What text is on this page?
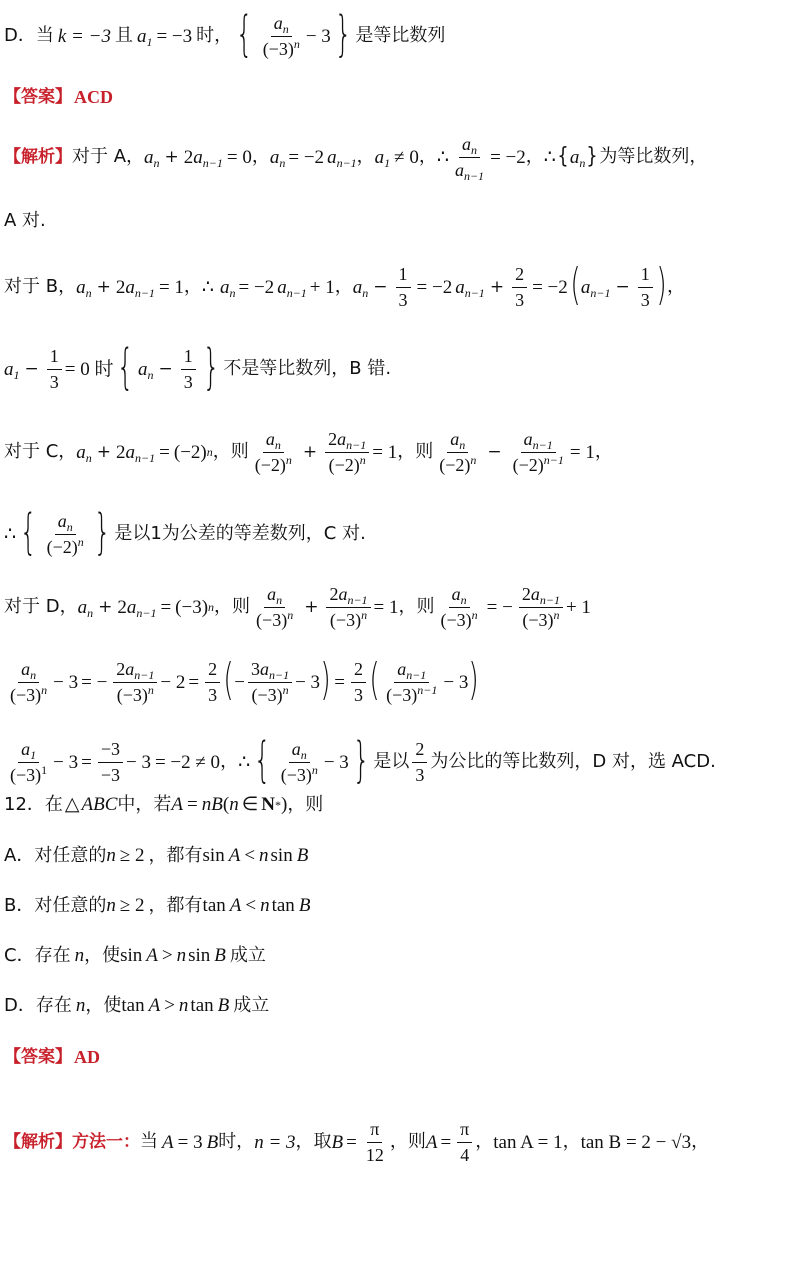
D．当 k = −3 且 $a_1 = -3$ 时， { $\frac{a_n}{(-3)^n} - 3$ } 是等比数列
【答案】 ACD
【解析】 对于 A， $a_n + 2$ $a_{n-1} = 0$ ， $a_n = -2$ $a_{n-1}$ ， $a_1 \ne 0$ ， ∴ $\frac{a_n}{a_{n-1}} = -2$ ， ∴ { $a_n$ } 为等比数列，
A 对.
对于 B， $a_n + 2$ $a_{n-1} = 1$ ， ∴ $a_n = -2$ $a_{n-1} + 1$ ， $a_n - \frac{1}{3} = -2$ $a_{n-1} + \frac{2}{3} = -2$ ( $a_{n-1} - \frac{1}{3}$ ) ，
$a_1 - \frac{1}{3} = 0$ 时 { $a_n - \frac{1}{3}$ } 不是等比数列，B 错.
对于 C， $a_n + 2$ $a_{n-1} = (-2)$ n ，则 $\frac{a_n}{(-2)^n} + \frac{2a_{n-1}}{(-2)^n} = 1$ ，则 $\frac{a_n}{(-2)^n} - \frac{a_{n-1}}{(-2)^{n-1}} = 1$ ，
∴ { $\frac{a_n}{(-2)^n}$ } 是以1为公差的等差数列，C 对.
对于 D， $a_n + 2$ $a_{n-1} = (-3)$ n ，则 $\frac{a_n}{(-3)^n} + \frac{2a_{n-1}}{(-3)^n} = 1$ ，则 $\frac{a_n}{(-3)^n}$ = − $\frac{2a_{n-1}}{(-3)^n} + 1$
$\frac{a_n}{(-3)^n} - 3$ = − $\frac{2a_{n-1}}{(-3)^n} - 2 = \frac{2}{3}$ ( − $\frac{3a_{n-1}}{(-3)^n} - 3$ ) = $\frac{2}{3}$ ( $\frac{a_{n-1}}{(-3)^{n-1}} - 3$ )
$\frac{a_1}{(-3)^1} - 3 = \frac{-3}{-3} - 3 = -2 \ne 0$ ， ∴ { $\frac{a_n}{(-3)^n} - 3$ } 是以 $\frac{2}{3}$ 为公比的等比数列，D 对，选 ACD.
12．在 △ ABC 中，若 A = nB ( n ∈ N * ) ，则
A．对任意的 n ≥ 2 ，都有 sin A < n sin B
B．对任意的 n ≥ 2 ，都有 tan A < n tan B
C．存在 n ，使 sin A > n sin B 成立
D．存在 n ，使 tan A > n tan B 成立
【答案】 AD
【解析】 方法一： 当 A = 3 B 时， n = 3 ，取 $B = \frac{\pi}{12}$ ，则 $A = \frac{\pi}{4}$ ， tan A = 1 ， tan B = 2 − √3 ，
